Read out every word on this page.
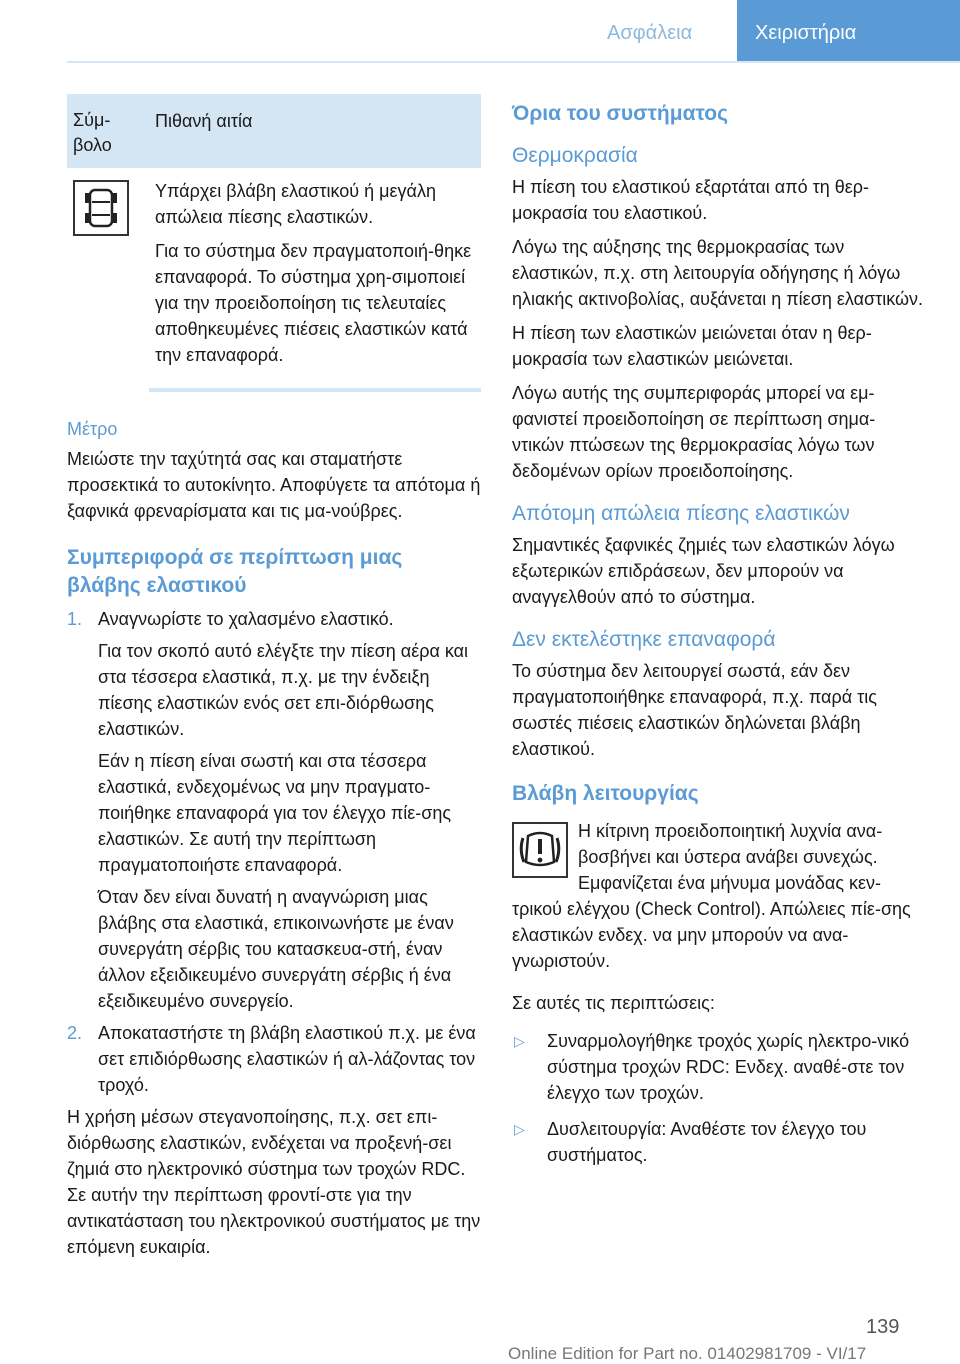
Ασφάλεια	Χειριστήρια
Σύμ-βολο
Πιθανή αιτία

Υπάρχει βλάβη ελαστικού ή μεγάλη απώλεια πίεσης ελαστικών.

Για το σύστημα δεν πραγματοποιή-θηκε επαναφορά. Το σύστημα χρη-σιμοποιεί για την προειδοποίηση τις τελευταίες αποθηκευμένες πιέσεις ελαστικών κατά την επαναφορά.

Μέτρο

Μειώστε την ταχύτητά σας και σταματήστε προσεκτικά το αυτοκίνητο. Αποφύγετε τα απότομα ή ξαφνικά φρεναρίσματα και τις μα-νούβρες.

Συμπεριφορά σε περίπτωση μιας βλάβης ελαστικού
1. Αναγνωρίστε το χαλασμένο ελαστικό.

Για τον σκοπό αυτό ελέγξτε την πίεση αέρα και στα τέσσερα ελαστικά, π.χ. με την ένδειξη πίεσης ελαστικών ενός σετ επι-διόρθωσης ελαστικών.

Εάν η πίεση είναι σωστή και στα τέσσερα ελαστικά, ενδεχομένως να μην πραγματο-ποιήθηκε επαναφορά για τον έλεγχο πίε-σης ελαστικών. Σε αυτή την περίπτωση πραγματοποιήστε επαναφορά.

Όταν δεν είναι δυνατή η αναγνώριση μιας βλάβης στα ελαστικά, επικοινωνήστε με έναν συνεργάτη σέρβις του κατασκευα-στή, έναν άλλον εξειδικευμένο συνεργάτη σέρβις ή ένα εξειδικευμένο συνεργείο.

2. Αποκαταστήστε τη βλάβη ελαστικού π.χ. με ένα σετ επιδιόρθωσης ελαστικών ή αλ-λάζοντας τον τροχό.

Η χρήση μέσων στεγανοποίησης, π.χ. σετ επι-διόρθωσης ελαστικών, ενδέχεται να προξενή-σει ζημιά στο ηλεκτρονικό σύστημα των τροχών RDC. Σε αυτήν την περίπτωση φροντί-στε για την αντικατάσταση του ηλεκτρονικού συστήματος με την επόμενη ευκαιρία.

Όρια του συστήματος
Θερμοκρασία

Η πίεση του ελαστικού εξαρτάται από τη θερ-μοκρασία του ελαστικού.

Λόγω της αύξησης της θερμοκρασίας των ελαστικών, π.χ. στη λειτουργία οδήγησης ή λόγω ηλιακής ακτινοβολίας, αυξάνεται η πίεση ελαστικών.

Η πίεση των ελαστικών μειώνεται όταν η θερ-μοκρασία των ελαστικών μειώνεται.

Λόγω αυτής της συμπεριφοράς μπορεί να εμ-φανιστεί προειδοποίηση σε περίπτωση σημα-ντικών πτώσεων της θερμοκρασίας λόγω των δεδομένων ορίων προειδοποίησης.

Απότομη απώλεια πίεσης ελαστικών

Σημαντικές ξαφνικές ζημιές των ελαστικών λόγω εξωτερικών επιδράσεων, δεν μπορούν να αναγγελθούν από το σύστημα.

Δεν εκτελέστηκε επαναφορά

Το σύστημα δεν λειτουργεί σωστά, εάν δεν πραγματοποιήθηκε επαναφορά, π.χ. παρά τις σωστές πιέσεις ελαστικών δηλώνεται βλάβη ελαστικού.

Βλάβη λειτουργίας

Η κίτρινη προειδοποιητική λυχνία ανα-βοσβήνει και ύστερα ανάβει συνεχώς. Εμφανίζεται ένα μήνυμα μονάδας κεν-τρικού ελέγχου (Check Control). Απώλειες πίε-σης ελαστικών ενδεχ. να μην μπορούν να ανα-γνωριστούν.

Σε αυτές τις περιπτώσεις:

▷ Συναρμολογήθηκε τροχός χωρίς ηλεκτρο-νικό σύστημα τροχών RDC: Ενδεχ. αναθέ-στε τον έλεγχο των τροχών.
▷ Δυσλειτουργία: Αναθέστε τον έλεγχο του συστήματος.
139
Online Edition for Part no. 01402981709 - VI/17
